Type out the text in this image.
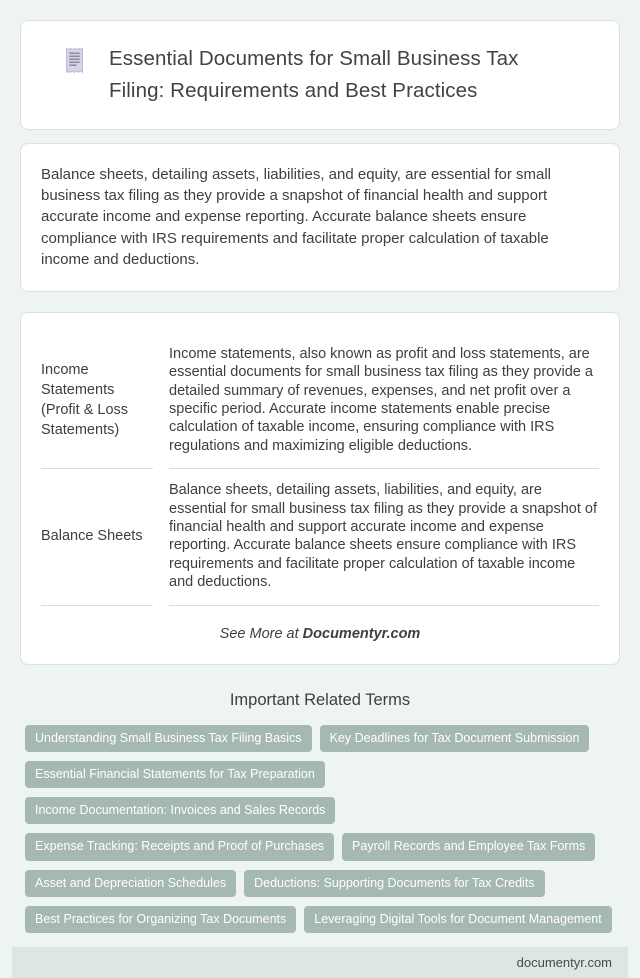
Essential Documents for Small Business Tax Filing: Requirements and Best Practices

Balance sheets, detailing assets, liabilities, and equity, are essential for small business tax filing as they provide a snapshot of financial health and support accurate income and expense reporting. Accurate balance sheets ensure compliance with IRS requirements and facilitate proper calculation of taxable income and deductions.

Income Statements (Profit & Loss Statements)
Income statements, also known as profit and loss statements, are essential documents for small business tax filing as they provide a detailed summary of revenues, expenses, and net profit over a specific period. Accurate income statements enable precise calculation of taxable income, ensuring compliance with IRS regulations and maximizing eligible deductions.
Balance Sheets
Balance sheets, detailing assets, liabilities, and equity, are essential for small business tax filing as they provide a snapshot of financial health and support accurate income and expense reporting. Accurate balance sheets ensure compliance with IRS requirements and facilitate proper calculation of taxable income and deductions.
See More at Documentyr.com
Important Related Terms
Understanding Small Business Tax Filing Basics	Key Deadlines for Tax Document Submission
Essential Financial Statements for Tax Preparation
Income Documentation: Invoices and Sales Records
Expense Tracking: Receipts and Proof of Purchases	Payroll Records and Employee Tax Forms
Asset and Depreciation Schedules	Deductions: Supporting Documents for Tax Credits
Best Practices for Organizing Tax Documents	Leveraging Digital Tools for Document Management
documentyr.com
